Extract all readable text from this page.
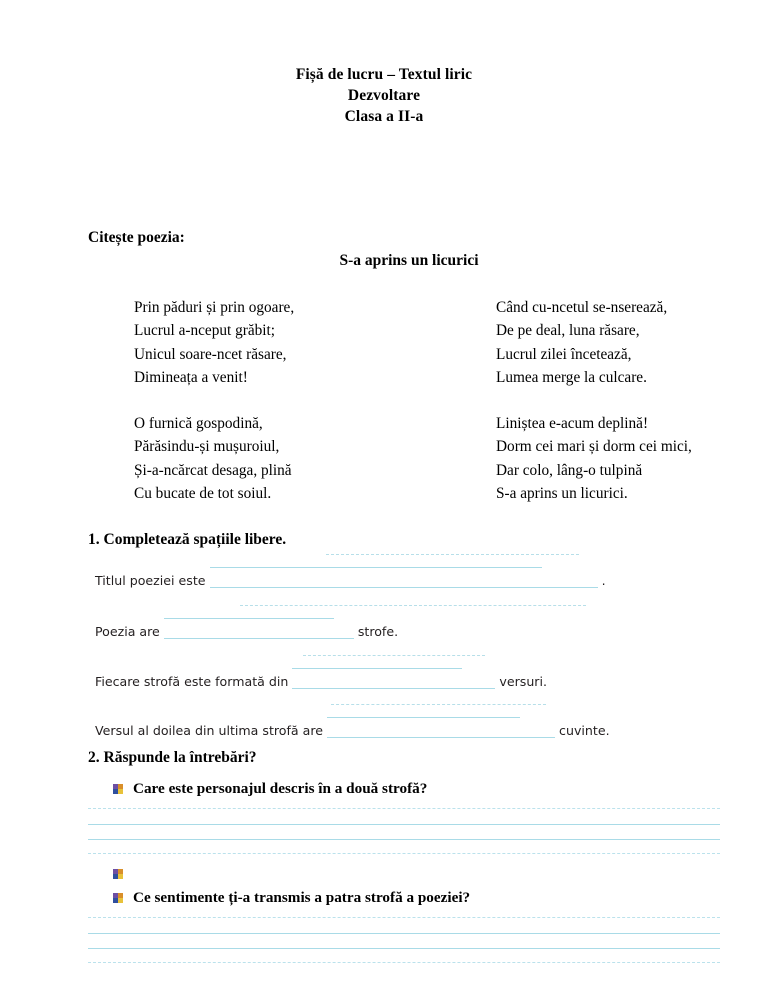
Fișă de lucru – Textul liric
Dezvoltare
Clasa a II-a
Citește poezia:
S-a aprins un licurici
Prin păduri și prin ogoare,
Lucrul a-nceput grăbit;
Unicul soare-ncet răsare,
Dimineața a venit!
Când cu-ncetul se-nserează,
De pe deal, luna răsare,
Lucrul zilei încetează,
Lumea merge la culcare.
O furnică gospodină,
Părăsindu-și mușuroiul,
Și-a-ncărcat desaga, plină
Cu bucate de tot soiul.
Liniștea e-acum deplină!
Dorm cei mari și dorm cei mici,
Dar colo, lâng-o tulpină
S-a aprins un licurici.
1. Completează spațiile libere.
Titlul poeziei este	.
Poezia are	strofe.
Fiecare strofă este formată din	versuri.
Versul al doilea din ultima strofă are	cuvinte.
2. Răspunde la întrebări?
Care este personajul descris în a două strofă?
Ce sentimente ți-a transmis a patra strofă a poeziei?
